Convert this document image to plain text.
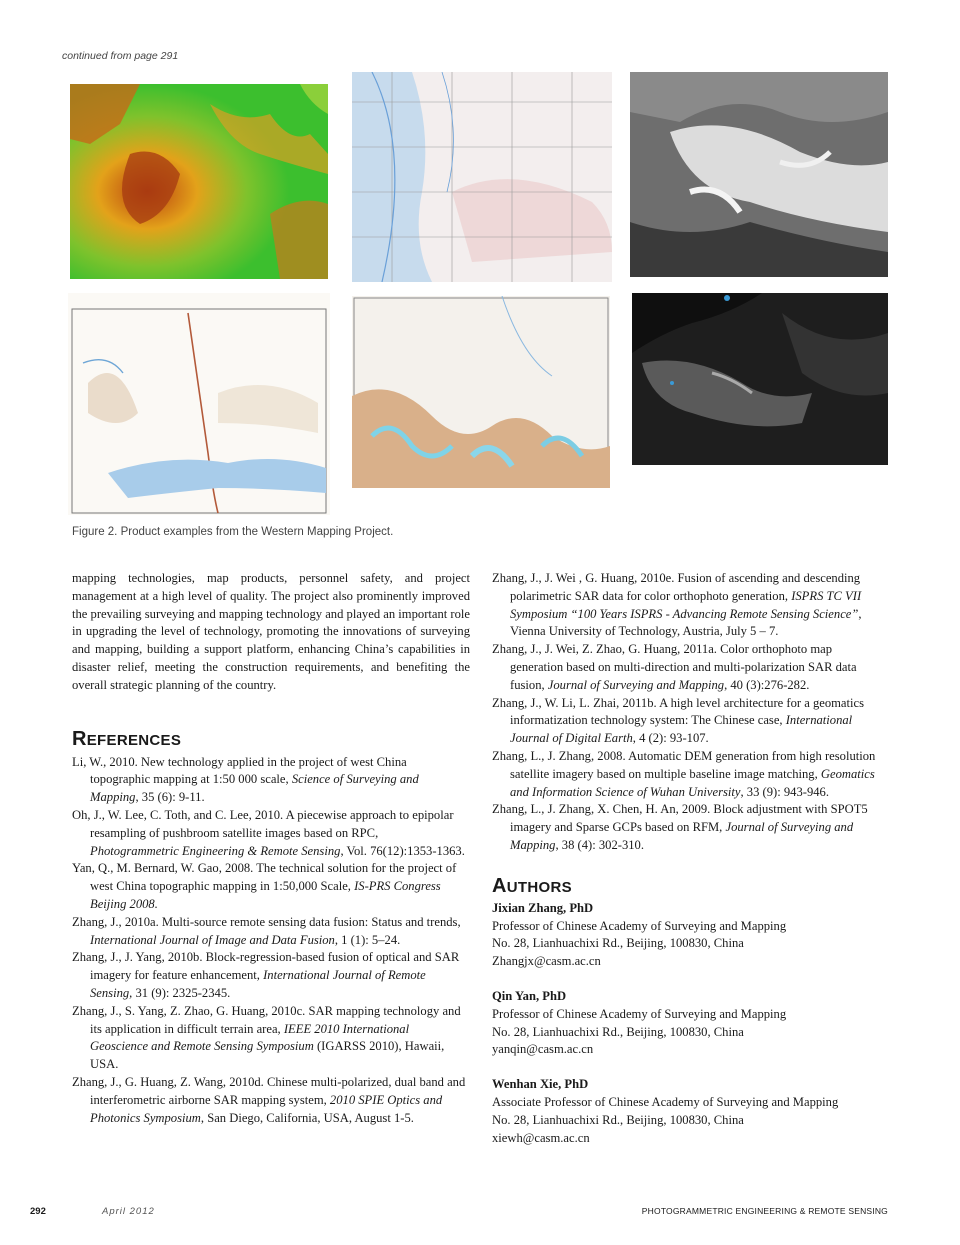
continued from page 291
Figure 2. Product examples from the Western Mapping Project.

mapping technologies, map products, personnel safety, and project management at a high level of quality. The project also prominently improved the prevailing surveying and mapping technology and played an important role in upgrading the level of technology, promoting the innovations of surveying and mapping, building a support platform, enhancing China’s capabilities in disaster relief, meeting the construction requirements, and benefiting the overall strategic planning of the country.

REFERENCES
Li, W., 2010. New technology applied in the project of west China topographic mapping at 1:50 000 scale, Science of Surveying and Mapping, 35 (6): 9-11.
Oh, J., W. Lee, C. Toth, and C. Lee, 2010. A piecewise approach to epipolar resampling of pushbroom satellite images based on RPC, Photogrammetric Engineering & Remote Sensing, Vol. 76(12):1353-1363.
Yan, Q., M. Bernard, W. Gao, 2008. The technical solution for the project of west China topographic mapping in 1:50,000 Scale, IS-PRS Congress Beijing 2008.
Zhang, J., 2010a. Multi-source remote sensing data fusion: Status and trends, International Journal of Image and Data Fusion, 1 (1): 5–24.
Zhang, J., J. Yang, 2010b. Block-regression-based fusion of optical and SAR imagery for feature enhancement, International Journal of Remote Sensing, 31 (9): 2325-2345.
Zhang, J., S. Yang, Z. Zhao, G. Huang, 2010c. SAR mapping technology and its application in difficult terrain area, IEEE 2010 International Geoscience and Remote Sensing Symposium (IGARSS 2010), Hawaii, USA.
Zhang, J., G. Huang, Z. Wang, 2010d. Chinese multi-polarized, dual band and interferometric airborne SAR mapping system, 2010 SPIE Optics and Photonics Symposium, San Diego, California, USA, August 1-5.
Zhang, J., J. Wei , G. Huang, 2010e. Fusion of ascending and descending polarimetric SAR data for color orthophoto generation, ISPRS TC VII Symposium “100 Years ISPRS - Advancing Remote Sensing Science”, Vienna University of Technology, Austria, July 5 – 7.
Zhang, J., J. Wei, Z. Zhao, G. Huang, 2011a. Color orthophoto map generation based on multi-direction and multi-polarization SAR data fusion, Journal of Surveying and Mapping, 40 (3):276-282.
Zhang, J., W. Li, L. Zhai, 2011b. A high level architecture for a geomatics informatization technology system: The Chinese case, International Journal of Digital Earth, 4 (2): 93-107.
Zhang, L., J. Zhang, 2008. Automatic DEM generation from high resolution satellite imagery based on multiple baseline image matching, Geomatics and Information Science of Wuhan University, 33 (9): 943-946.
Zhang, L., J. Zhang, X. Chen, H. An, 2009. Block adjustment with SPOT5 imagery and Sparse GCPs based on RFM, Journal of Surveying and Mapping, 38 (4): 302-310.
AUTHORS
Jixian Zhang, PhD
Professor of Chinese Academy of Surveying and Mapping
No. 28, Lianhuachixi Rd., Beijing, 100830, China
Zhangjx@casm.ac.cn
Qin Yan, PhD
Professor of Chinese Academy of Surveying and Mapping
No. 28, Lianhuachixi Rd., Beijing, 100830, China
yanqin@casm.ac.cn
Wenhan Xie, PhD
Associate Professor of Chinese Academy of Surveying and Mapping
No. 28, Lianhuachixi Rd., Beijing, 100830, China
xiewh@casm.ac.cn
292	April 2012	PHOTOGRAMMETRIC ENGINEERING & REMOTE SENSING
